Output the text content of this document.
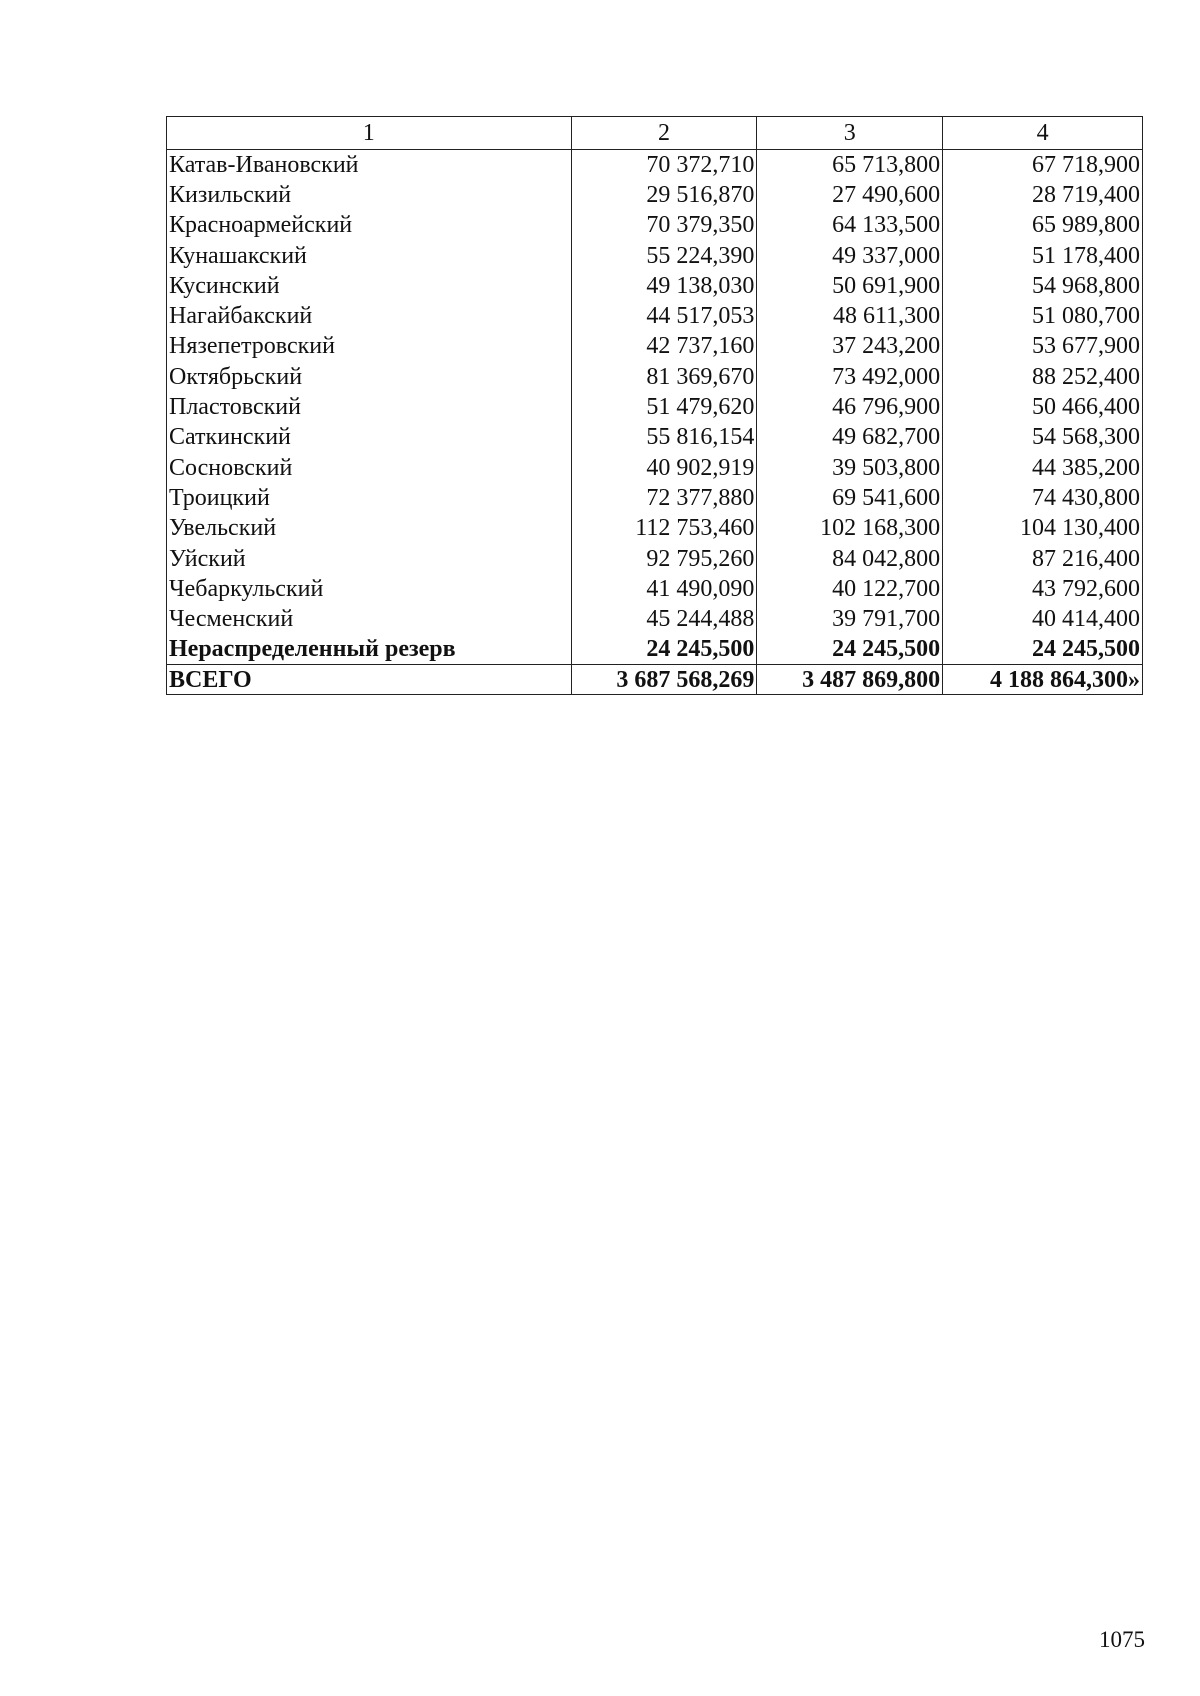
1	2	3	4
Катав-Ивановский	70 372,710	65 713,800	67 718,900
Кизильский	29 516,870	27 490,600	28 719,400
Красноармейский	70 379,350	64 133,500	65 989,800
Кунашакский	55 224,390	49 337,000	51 178,400
Кусинский	49 138,030	50 691,900	54 968,800
Нагайбакский	44 517,053	48 611,300	51 080,700
Нязепетровский	42 737,160	37 243,200	53 677,900
Октябрьский	81 369,670	73 492,000	88 252,400
Пластовский	51 479,620	46 796,900	50 466,400
Саткинский	55 816,154	49 682,700	54 568,300
Сосновский	40 902,919	39 503,800	44 385,200
Троицкий	72 377,880	69 541,600	74 430,800
Увельский	112 753,460	102 168,300	104 130,400
Уйский	92 795,260	84 042,800	87 216,400
Чебаркульский	41 490,090	40 122,700	43 792,600
Чесменский	45 244,488	39 791,700	40 414,400
Нераспределенный резерв	24 245,500	24 245,500	24 245,500
ВСЕГО	3 687 568,269	3 487 869,800	4 188 864,300»
1075
